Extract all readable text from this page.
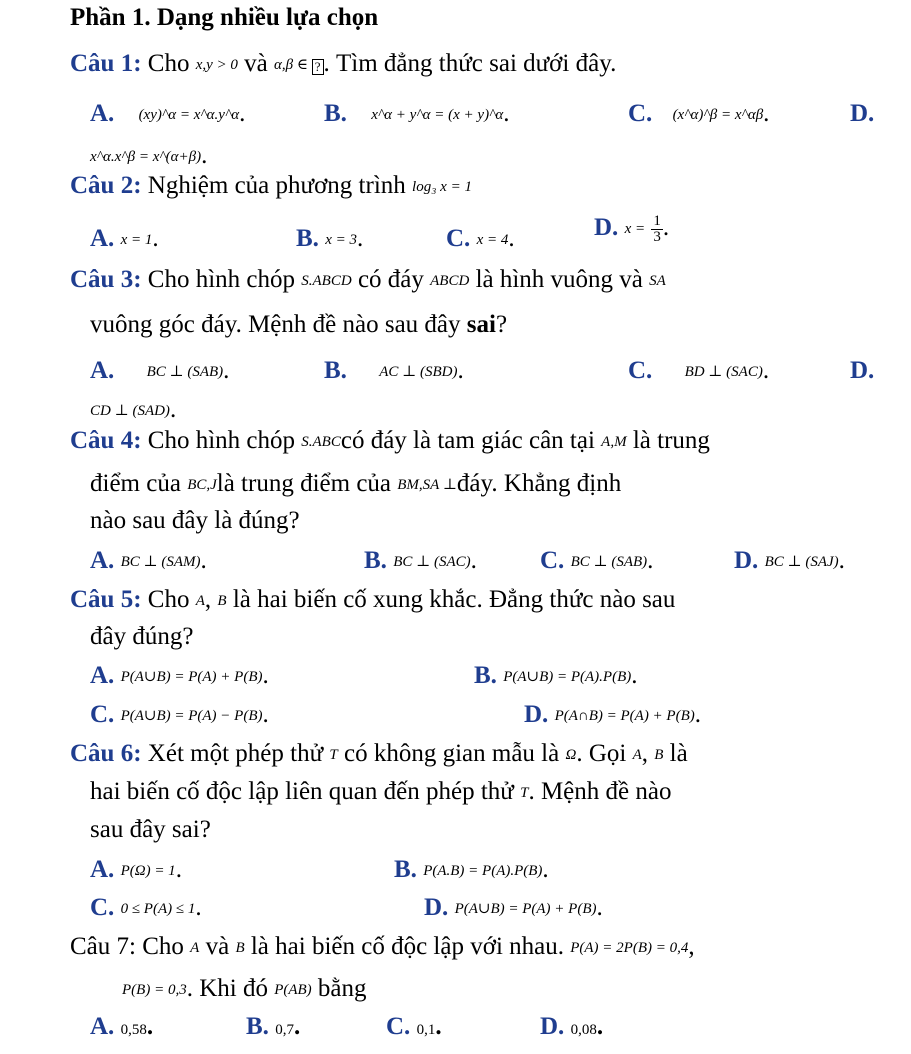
Phần 1. Dạng nhiều lựa chọn
Câu 1: Cho x,y > 0 và α,β ∈ ? . Tìm đẳng thức sai dưới đây.
A. (xy)^α = x^α.y^α.	B. x^α + y^α = (x + y)^α.	C. (x^α)^β = x^αβ.	D.
x^α.x^β = x^(α+β).
Câu 2: Nghiệm của phương trình log₃ x = 1
A. x = 1.	B. x = 3.	C. x = 4.	D. $x = \frac{1}{3}$ .
Câu 3: Cho hình chóp S.ABCD có đáy ABCD là hình vuông và SA
vuông góc đáy. Mệnh đề nào sau đây sai?
A. BC ⊥ (SAB).	B. AC ⊥ (SBD).	C. BD ⊥ (SAC).	D.
CD ⊥ (SAD).
Câu 4: Cho hình chóp S.ABCcó đáy là tam giác cân tại A,M là trung
điểm của BC,Jlà trung điểm của BM,SA ⊥đáy. Khẳng định
nào sau đây là đúng?
A. BC ⊥ (SAM).	B. BC ⊥ (SAC).	C. BC ⊥ (SAB).	D. BC ⊥ (SAJ).
Câu 5: Cho A, B là hai biến cố xung khắc. Đẳng thức nào sau
đây đúng?
A. P(A∪B) = P(A) + P(B).	B. P(A∪B) = P(A).P(B).
C. P(A∪B) = P(A) − P(B).	D. P(A∩B) = P(A) + P(B).
Câu 6: Xét một phép thử T có không gian mẫu là Ω. Gọi A, B là
hai biến cố độc lập liên quan đến phép thử T. Mệnh đề nào
sau đây sai?
A. P(Ω) = 1.	B. P(A.B) = P(A).P(B).
C. 0 ≤ P(A) ≤ 1.	D. P(A∪B) = P(A) + P(B).
Câu 7: Cho A và B là hai biến cố độc lập với nhau. P(A) = 2P(B) = 0,4,
P(B) = 0,3. Khi đó P(AB) bằng
A. 0,58.	B. 0,7.	C. 0,1.	D. 0,08.
